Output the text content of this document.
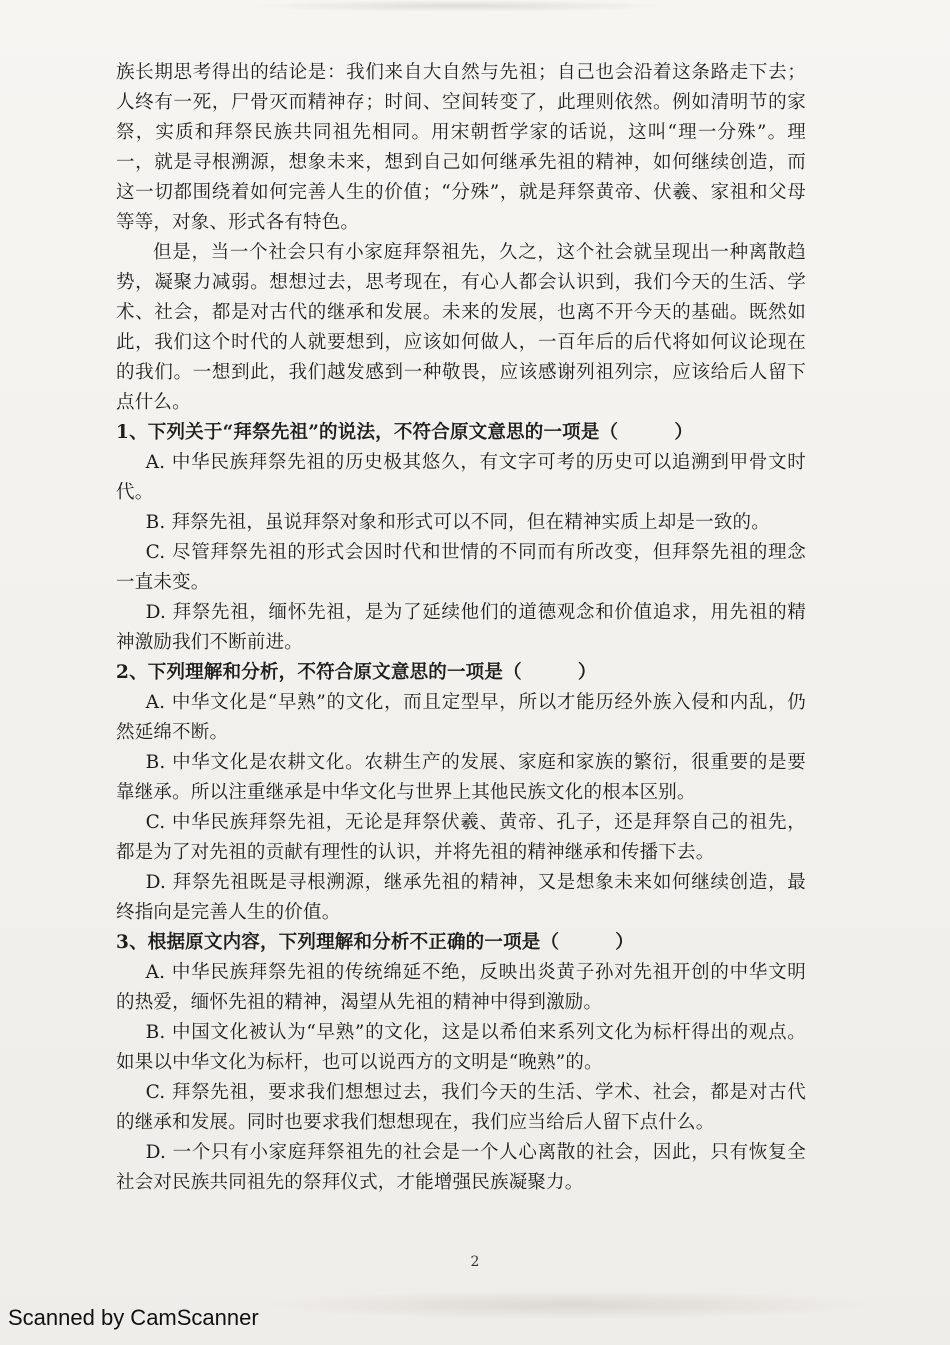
族长期思考得出的结论是：我们来自大自然与先祖；自己也会沿着这条路走下去；人终有一死，尸骨灭而精神存；时间、空间转变了，此理则依然。例如清明节的家祭，实质和拜祭民族共同祖先相同。用宋朝哲学家的话说，这叫“理一分殊”。理一，就是寻根溯源，想象未来，想到自己如何继承先祖的精神，如何继续创造，而这一切都围绕着如何完善人生的价值；“分殊”，就是拜祭黄帝、伏羲、家祖和父母等等，对象、形式各有特色。

但是，当一个社会只有小家庭拜祭祖先，久之，这个社会就呈现出一种离散趋势，凝聚力减弱。想想过去，思考现在，有心人都会认识到，我们今天的生活、学术、社会，都是对古代的继承和发展。未来的发展，也离不开今天的基础。既然如此，我们这个时代的人就要想到，应该如何做人，一百年后的后代将如何议论现在的我们。一想到此，我们越发感到一种敬畏，应该感谢列祖列宗，应该给后人留下点什么。

1、下列关于“拜祭先祖”的说法，不符合原文意思的一项是（　　　）

A. 中华民族拜祭先祖的历史极其悠久，有文字可考的历史可以追溯到甲骨文时代。

B. 拜祭先祖，虽说拜祭对象和形式可以不同，但在精神实质上却是一致的。

C. 尽管拜祭先祖的形式会因时代和世情的不同而有所改变，但拜祭先祖的理念一直未变。

D. 拜祭先祖，缅怀先祖，是为了延续他们的道德观念和价值追求，用先祖的精神激励我们不断前进。

2、下列理解和分析，不符合原文意思的一项是（　　　）

A. 中华文化是“早熟”的文化，而且定型早，所以才能历经外族入侵和内乱，仍然延绵不断。

B. 中华文化是农耕文化。农耕生产的发展、家庭和家族的繁衍，很重要的是要靠继承。所以注重继承是中华文化与世界上其他民族文化的根本区别。

C. 中华民族拜祭先祖，无论是拜祭伏羲、黄帝、孔子，还是拜祭自己的祖先，都是为了对先祖的贡献有理性的认识，并将先祖的精神继承和传播下去。

D. 拜祭先祖既是寻根溯源，继承先祖的精神，又是想象未来如何继续创造，最终指向是完善人生的价值。

3、根据原文内容，下列理解和分析不正确的一项是（　　　）

A. 中华民族拜祭先祖的传统绵延不绝，反映出炎黄子孙对先祖开创的中华文明的热爱，缅怀先祖的精神，渴望从先祖的精神中得到激励。

B. 中国文化被认为“早熟”的文化，这是以希伯来系列文化为标杆得出的观点。如果以中华文化为标杆，也可以说西方的文明是“晚熟”的。

C. 拜祭先祖，要求我们想想过去，我们今天的生活、学术、社会，都是对古代的继承和发展。同时也要求我们想想现在，我们应当给后人留下点什么。

D. 一个只有小家庭拜祭祖先的社会是一个人心离散的社会，因此，只有恢复全社会对民族共同祖先的祭拜仪式，才能增强民族凝聚力。

2
Scanned by CamScanner
